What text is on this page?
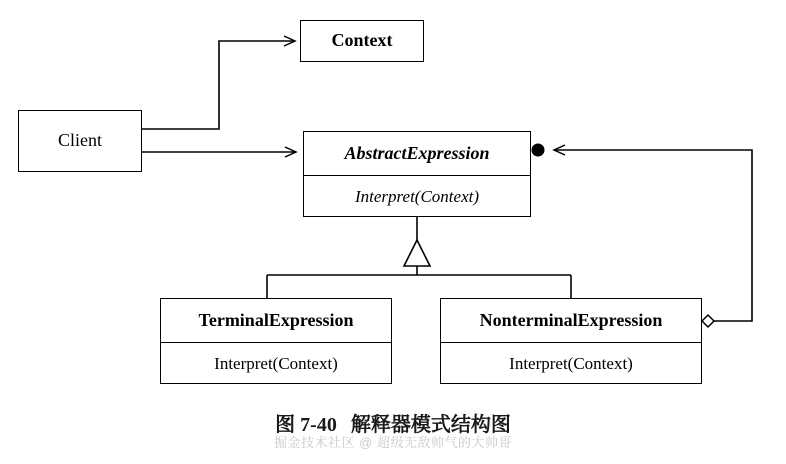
Context
Client
AbstractExpression
Interpret(Context)
TerminalExpression
Interpret(Context)
NonterminalExpression
Interpret(Context)
图 7-40 解释器模式结构图
掘金技术社区 @ 超级无敌帅气的大帅哥
